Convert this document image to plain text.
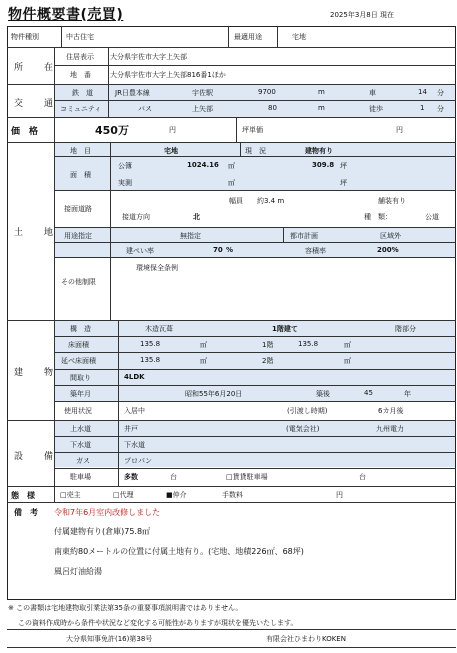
物件概要書(売買)	2025年3月8日 現在
物件種別	中古住宅	最適用途	宅地
所　在
住居表示 大分県宇佐市大字上矢部
地　番	大分県宇佐市大字上矢部816番1ほか
交　通
鉄　道	JR日豊本線	宇佐駅	9700	m	車	14 分
コミュニティ	バス	上矢部	80	m	徒歩	1 分
価　格	450万	円	坪単価	円
土　地
地　目	宅地	現　況	建物有り
面　積
公簿	1024.16 ㎡	309.8 坪
実測	㎡	坪
接面道路
幅員 約3.4 m	舗装有り
接道方向	北	種　類：	公道
用途指定	無指定	都市計画	区域外
建ぺい率	70 %	容積率	200%
その他制限
環境保全条例
建　物
構　造	木造瓦葺	1階建て	階部分
床面積	135.8	㎡	1階	135.8	㎡
延べ床面積	135.8	㎡	2階	㎡
間取り	4LDK
築年月	昭和55年6月20日	築後	45	年
使用状況	入居中	(引渡し時期)	6カ月後
設　備
上水道	井戸	(電気会社)	九州電力
下水道	下水道
ガス	プロパン
駐車場	多数	台	□賃貸駐車場	台
態　様	□売主	□代理	■仲介	手数料	円
備　考 令和7年6月室内改修しました
付属建物有り(倉庫)75.8㎡
南東約80メートルの位置に付属土地有り。(宅地、地積226㎡、68坪)
風呂灯油給湯
※ この書類は宅地建物取引業法第35条の重要事項説明書ではありません。
この資料作成時から条件や状況など変化する可能性がありますが現状を優先いたします。
大分県知事免許(16)第38号	有限会社ひまわりKOKEN
